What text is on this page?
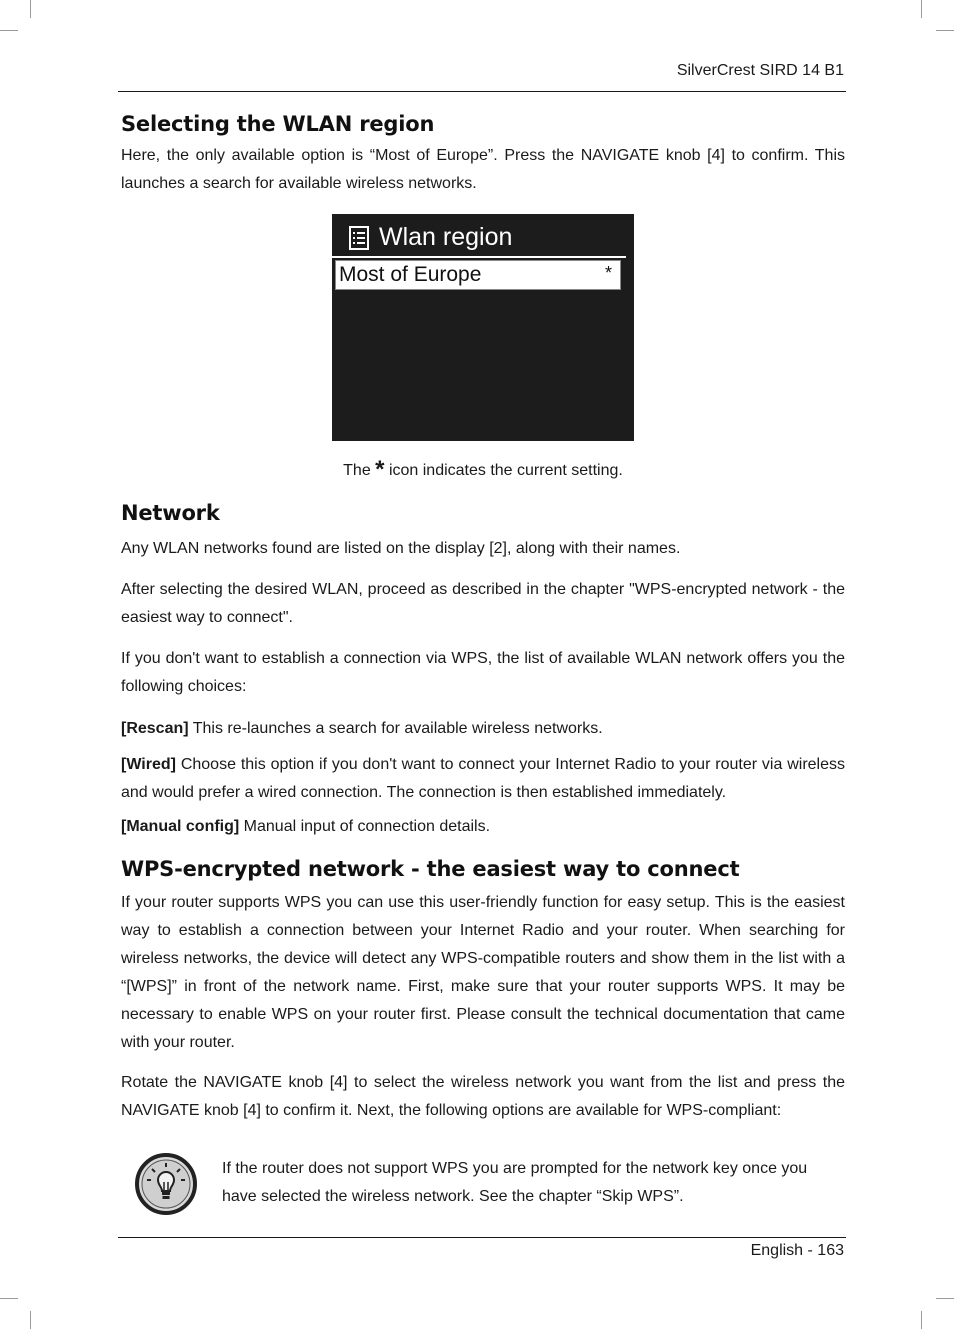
SilverCrest SIRD 14 B1
Selecting the WLAN region

Here, the only available option is “Most of Europe”. Press the NAVIGATE knob [4] to confirm. This launches a search for available wireless networks.

Wlan region
Most of Europe	*
The * icon indicates the current setting.
Network

Any WLAN networks found are listed on the display [2], along with their names.

After selecting the desired WLAN, proceed as described in the chapter "WPS-encrypted network - the easiest way to connect".

If you don't want to establish a connection via WPS, the list of available WLAN network offers you the following choices:

[Rescan] This re-launches a search for available wireless networks.

[Wired] Choose this option if you don't want to connect your Internet Radio to your router via wireless and would prefer a wired connection. The connection is then established immediately.

[Manual config] Manual input of connection details.

WPS-encrypted network - the easiest way to connect

If your router supports WPS you can use this user-friendly function for easy setup. This is the easiest way to establish a connection between your Internet Radio and your router. When searching for wireless networks, the device will detect any WPS-compatible routers and show them in the list with a “[WPS]” in front of the network name. First, make sure that your router supports WPS. It may be necessary to enable WPS on your router first. Please consult the technical documentation that came with your router.

Rotate the NAVIGATE knob [4] to select the wireless network you want from the list and press the NAVIGATE knob [4] to confirm it. Next, the following options are available for WPS-compliant:

If the router does not support WPS you are prompted for the network key once you have selected the wireless network. See the chapter “Skip WPS”.
English - 163
